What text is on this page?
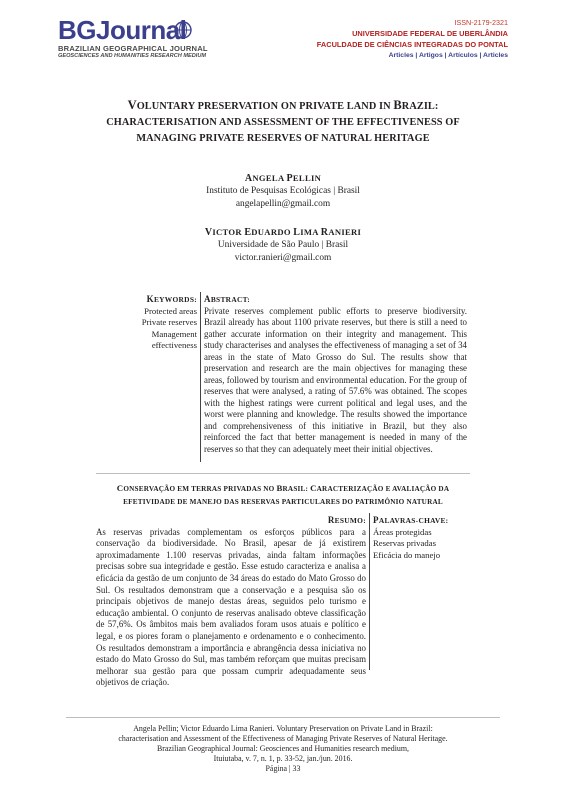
BGJournal
BRAZILIAN GEOGRAPHICAL JOURNAL
GEOSCIENCES AND HUMANITIES RESEARCH MEDIUM
ISSN-2179-2321
UNIVERSIDADE FEDERAL DE UBERLÂNDIA
FACULDADE DE CIÊNCIAS INTEGRADAS DO PONTAL
Articles | Artigos | Artículos | Articles
VOLUNTARY PRESERVATION ON PRIVATE LAND IN BRAZIL:
CHARACTERISATION AND ASSESSMENT OF THE EFFECTIVENESS OF
MANAGING PRIVATE RESERVES OF NATURAL HERITAGE
ANGELA PELLIN
Instituto de Pesquisas Ecológicas | Brasil
angelapellin@gmail.com
VICTOR EDUARDO LIMA RANIERI
Universidade de São Paulo | Brasil
victor.ranieri@gmail.com
KEYWORDS:
Protected areas
Private reserves
Management
effectiveness
ABSTRACT:
Private reserves complement public efforts to preserve biodiversity. Brazil already has about 1100 private reserves, but there is still a need to gather accurate information on their integrity and management. This study characterises and analyses the effectiveness of managing a set of 34 areas in the state of Mato Grosso do Sul. The results show that preservation and research are the main objectives for managing these areas, followed by tourism and environmental education. For the group of reserves that were analysed, a rating of 57.6% was obtained. The scopes with the highest ratings were current political and legal uses, and the worst were planning and knowledge. The results showed the importance and comprehensiveness of this initiative in Brazil, but they also reinforced the fact that better management is needed in many of the reserves so that they can adequately meet their initial objectives.
CONSERVAÇÃO EM TERRAS PRIVADAS NO BRASIL: CARACTERIZAÇÃO E AVALIAÇÃO DA
EFETIVIDADE DE MANEJO DAS RESERVAS PARTICULARES DO PATRIMÔNIO NATURAL
RESUMO:
As reservas privadas complementam os esforços públicos para a conservação da biodiversidade. No Brasil, apesar de já existirem aproximadamente 1.100 reservas privadas, ainda faltam informações precisas sobre sua integridade e gestão. Esse estudo caracteriza e analisa a eficácia da gestão de um conjunto de 34 áreas do estado do Mato Grosso do Sul. Os resultados demonstram que a conservação e a pesquisa são os principais objetivos de manejo destas áreas, seguidos pelo turismo e educação ambiental. O conjunto de reservas analisado obteve classificação de 57,6%. Os âmbitos mais bem avaliados foram usos atuais e político e legal, e os piores foram o planejamento e ordenamento e o conhecimento. Os resultados demonstram a importância e abrangência dessa iniciativa no estado do Mato Grosso do Sul, mas também reforçam que muitas precisam melhorar sua gestão para que possam cumprir adequadamente seus objetivos de criação.
PALAVRAS-CHAVE:
Áreas protegidas
Reservas privadas
Eficácia do manejo
Angela Pellin; Victor Eduardo Lima Ranieri. Voluntary Preservation on Private Land in Brazil:
characterisation and Assessment of the Effectiveness of Managing Private Reserves of Natural Heritage.
Brazilian Geographical Journal: Geosciences and Humanities research medium,
Ituiutaba, v. 7, n. 1, p. 33-52, jan./jun. 2016.
Página | 33
